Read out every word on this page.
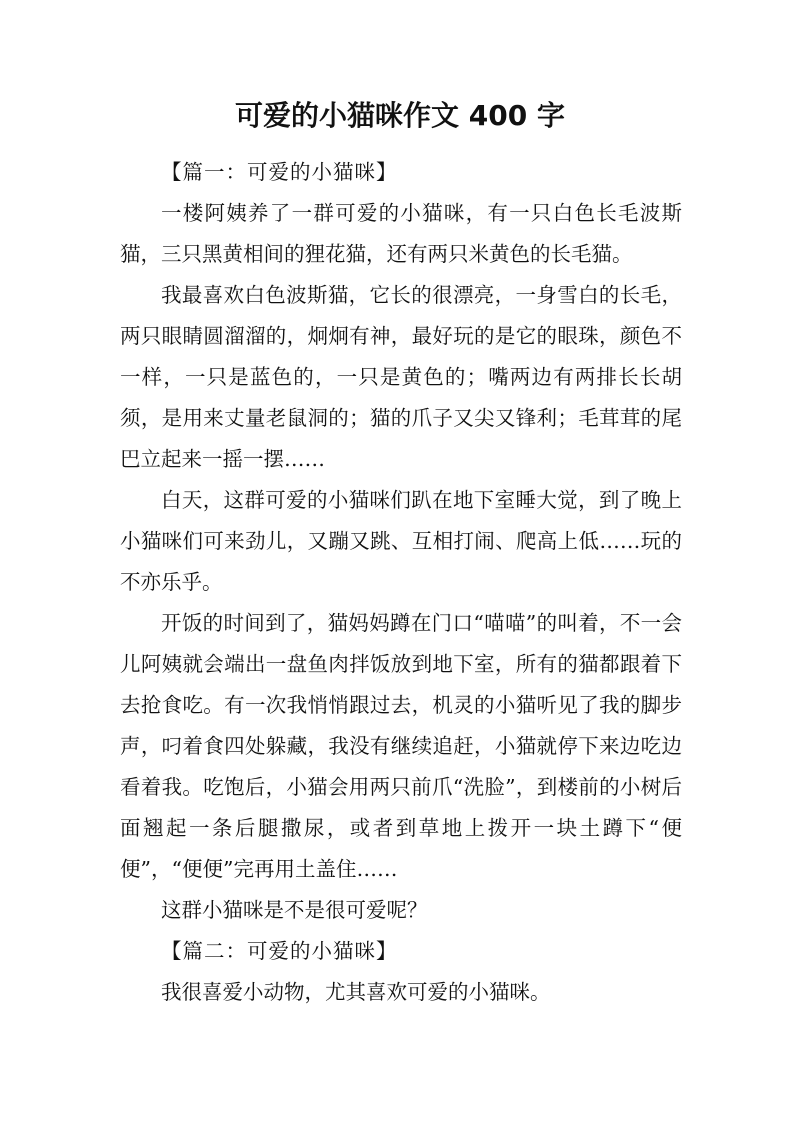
可爱的小猫咪作文 400 字

【篇一：可爱的小猫咪】

一楼阿姨养了一群可爱的小猫咪，有一只白色长毛波斯猫，三只黑黄相间的狸花猫，还有两只米黄色的长毛猫。

我最喜欢白色波斯猫，它长的很漂亮，一身雪白的长毛，两只眼睛圆溜溜的，炯炯有神，最好玩的是它的眼珠，颜色不一样，一只是蓝色的，一只是黄色的；嘴两边有两排长长胡须，是用来丈量老鼠洞的；猫的爪子又尖又锋利；毛茸茸的尾巴立起来一摇一摆……

白天，这群可爱的小猫咪们趴在地下室睡大觉，到了晚上小猫咪们可来劲儿，又蹦又跳、互相打闹、爬高上低……玩的不亦乐乎。

开饭的时间到了，猫妈妈蹲在门口“喵喵”的叫着，不一会儿阿姨就会端出一盘鱼肉拌饭放到地下室，所有的猫都跟着下去抢食吃。有一次我悄悄跟过去，机灵的小猫听见了我的脚步声，叼着食四处躲藏，我没有继续追赶，小猫就停下来边吃边看着我。吃饱后，小猫会用两只前爪“洗脸”，到楼前的小树后面翘起一条后腿撒尿，或者到草地上拨开一块土蹲下“便便”，“便便”完再用土盖住……

这群小猫咪是不是很可爱呢？

【篇二：可爱的小猫咪】

我很喜爱小动物，尤其喜欢可爱的小猫咪。
